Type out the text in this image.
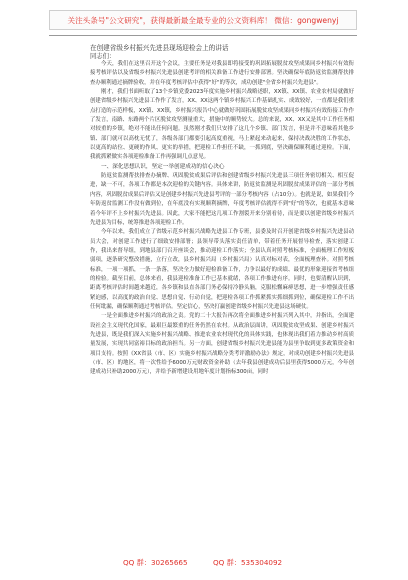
关注头条号"公文研究"，获得最新最全最专业的公文资料库！ 微信：gongwenyj
在创建省级乡村振兴先进县现场迎检会上的讲话
同志们：

今天，我们在这里召开这个会议，主要任务是对我县即将接受的巩固拓展脱贫攻坚成果同乡村振兴有效衔接考核评估以及省级乡村振兴先进县创建考评的相关准备工作进行安排部署。坚决确保年底防返贫监测帮扶排查办顺利通过摘牌验收，并在年度考核评估中获得"好"的等次，成功创建"全省乡村振兴先进县"。

刚才，我们书面听取了13个乡镇党委2023年度实施乡村振兴战略述职，XX镇、XX镇、农业农村局就做好创建省级乡村振兴先进县工作作了发言，XX、XX这两个镇乡村振兴工作基础扎实、成效较好，一直都是我们重点打造的示范样板，XX镇、XX镇，乡村振兴报告中心就做好巩固拓展脱贫攻坚成果同乡村振兴有效衔接工作作了发言，南路、东路两个片区脱贫攻坚测量重大，措施中的顺势较大。总的来说，XX、XX又是其中工作任务相对较重的乡镇，绝对不能出任何问题。虽然刚才我们只安排了这几个乡镇、部门发言，但是并不意味着其他乡镇、部门就可以高枕无忧了，各级各部门都要引起高度重视，马上紧起来动起来，保持决战决胜的工作状态，以更高的站位、更硬的作风、更实的举措，把迎检工作担任不缺，一抓到底，坚决确保顺利通过迎检。下面，我就抓紧做实各项迎检准备工作再强调几点意见。

一、深化思想认识，坚定一举创建成功的信心决心

防返贫监测帮扶排查办摘牌、巩固脱贫成果后评估和创建省级乡村振兴先进县三项任务密切相关、相互促进，缺一不可，各项工作都是本次迎检的关键内容。具体来讲，防返贫监测是巩固脱贫成果评估的一部分考核内容，巩固脱贫成果后评估又是创建乡村振兴先进县考评的一部分考核内容（占10分）。也就是说，如果我们今年防返贫监测工作没有做到位，在年底没有实现顺利摘牌，年度考核评估就得不到"好"的等次，也就基本意味着今年评不上乡村振兴先进县。因此，大家不能把这几项工作割裂开来分别看待，而是要以创建省级乡村振兴先进县为目标，统筹推进各项迎检工作。

今年以来，我们成立了省级示范乡村振兴战略先进县工作专班，县委及时召开创建省级乡村振兴先进县动员大会，对创建工作进行了细致安排部署；县领导带头落实责任清单，带着任务开展督导检查，落实创建工作，我出来督导组，到地县部门召开座谈会，推动迎检工作落实；全县认真对照考核标准，全面梳理工作短板弱项，逐条研究整改措施，立行立改，县乡村振兴局（乡村振兴局）认真对标对表，全面梳理查补。对照考核标准，一项一项抓，一条一条落，坚决全力做好迎检准备工作，力争以最好的成绩、最优的形象迎接省考核组的检验。截至目前，总体来看，我县迎检准备工作已基本就绪，各项工作推进有序。同时，也要清醒认识到，距离考核评估时间越来越近，各乡镇和县直各部门务必保持冷静头脑，克服松懈麻痹思想，进一步增强责任感紧迫感，以高度的政治自觉、思想自觉、行动自觉，把迎检各项工作抓紧抓实抓细抓到位，确保迎检工作不出任何纰漏，确保顺利通过考核评估。坚定信心，坚决打赢创建省级乡村振兴先进县这场硬仗。

一是全面推进乡村振兴的政治之责。党的二十大报告再次将全面推进乡村振兴列入其中，并指出，全面建设社会主义现代化国家，最艰巨最繁重的任务仍然在农村。从政治层面讲，巩固脱贫攻坚成果、创建乡村振兴先进县，既是我们深入实施乡村振兴战略、推进农业农村现代化的具体实践，也体现出我们着力推动乡村高质量发展，实现共同富裕目标的政治担当。另一方面，创建省级乡村振兴先进县能为县里争取到更多政策资金和项目支持。按照《XX省县（市、区）实施乡村振兴战略分类考评激励办法》规定，对成功创建乡村振兴先进县（市、区）的地区，将一次性给予6000万元财政资金补助（去年我县创建成功后县里获得5000万元，今年创建成功只补助2000万元），并给予新增建设用地年度计划指标300亩，同时

QQ 群：30265665	QQ 群：535304092
